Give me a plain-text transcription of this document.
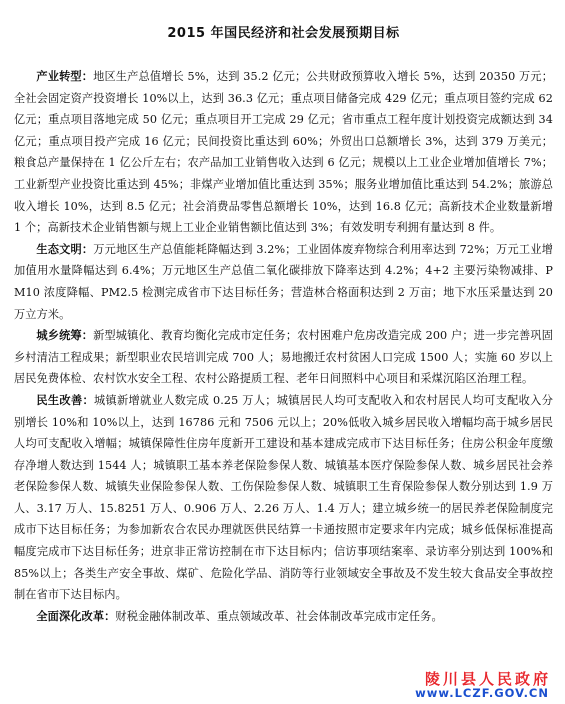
2015 年国民经济和社会发展预期目标

产业转型：地区生产总值增长 5%，达到 35.2 亿元；公共财政预算收入增长 5%，达到 20350 万元；全社会固定资产投资增长 10%以上，达到 36.3 亿元；重点项目储备完成 429 亿元；重点项目签约完成 62 亿元；重点项目落地完成 50 亿元；重点项目开工完成 29 亿元；省市重点工程年度计划投资完成额达到 34 亿元；重点项目投产完成 16 亿元；民间投资比重达到 60%；外贸出口总额增长 3%，达到 379 万美元；粮食总产量保持在 1 亿公斤左右；农产品加工业销售收入达到 6 亿元；规模以上工业企业增加值增长 7%；工业新型产业投资比重达到 45%；非煤产业增加值比重达到 35%；服务业增加值比重达到 54.2%；旅游总收入增长 10%，达到 8.5 亿元；社会消费品零售总额增长 10%，达到 16.8 亿元；高新技术企业数量新增 1 个；高新技术企业销售额与规上工业企业销售额比值达到 3%；有效发明专利拥有量达到 8 件。

生态文明：万元地区生产总值能耗降幅达到 3.2%；工业固体废弃物综合利用率达到 72%；万元工业增加值用水量降幅达到 6.4%；万元地区生产总值二氧化碳排放下降率达到 4.2%；4+2 主要污染物减排、PM10 浓度降幅、PM2.5 检测完成省市下达目标任务；营造林合格面积达到 2 万亩；地下水压采量达到 20 万立方米。

城乡统筹：新型城镇化、教育均衡化完成市定任务；农村困难户危房改造完成 200 户；进一步完善巩固乡村清洁工程成果；新型职业农民培训完成 700 人；易地搬迁农村贫困人口完成 1500 人；实施 60 岁以上居民免费体检、农村饮水安全工程、农村公路提质工程、老年日间照料中心项目和采煤沉陷区治理工程。

民生改善：城镇新增就业人数完成 0.25 万人；城镇居民人均可支配收入和农村居民人均可支配收入分别增长 10%和 10%以上，达到 16786 元和 7506 元以上；20%低收入城乡居民收入增幅均高于城乡居民人均可支配收入增幅；城镇保障性住房年度新开工建设和基本建成完成市下达目标任务；住房公积金年度缴存净增人数达到 1544 人；城镇职工基本养老保险参保人数、城镇基本医疗保险参保人数、城乡居民社会养老保险参保人数、城镇失业保险参保人数、工伤保险参保人数、城镇职工生育保险参保人数分别达到 1.9 万人、3.17 万人、15.8251 万人、0.906 万人、2.26 万人、1.4 万人；建立城乡统一的居民养老保险制度完成市下达目标任务；为参加新农合农民办理就医供民结算一卡通按照市定要求年内完成；城乡低保标准提高幅度完成市下达目标任务；进京非正常访控制在市下达目标内；信访事项结案率、录访率分别达到 100%和 85%以上；各类生产安全事故、煤矿、危险化学品、消防等行业领域安全事故及不发生较大食品安全事故控制在省市下达目标内。

全面深化改革：财税金融体制改革、重点领域改革、社会体制改革完成市定任务。

陵川县人民政府
www.LCZF.GOV.CN
